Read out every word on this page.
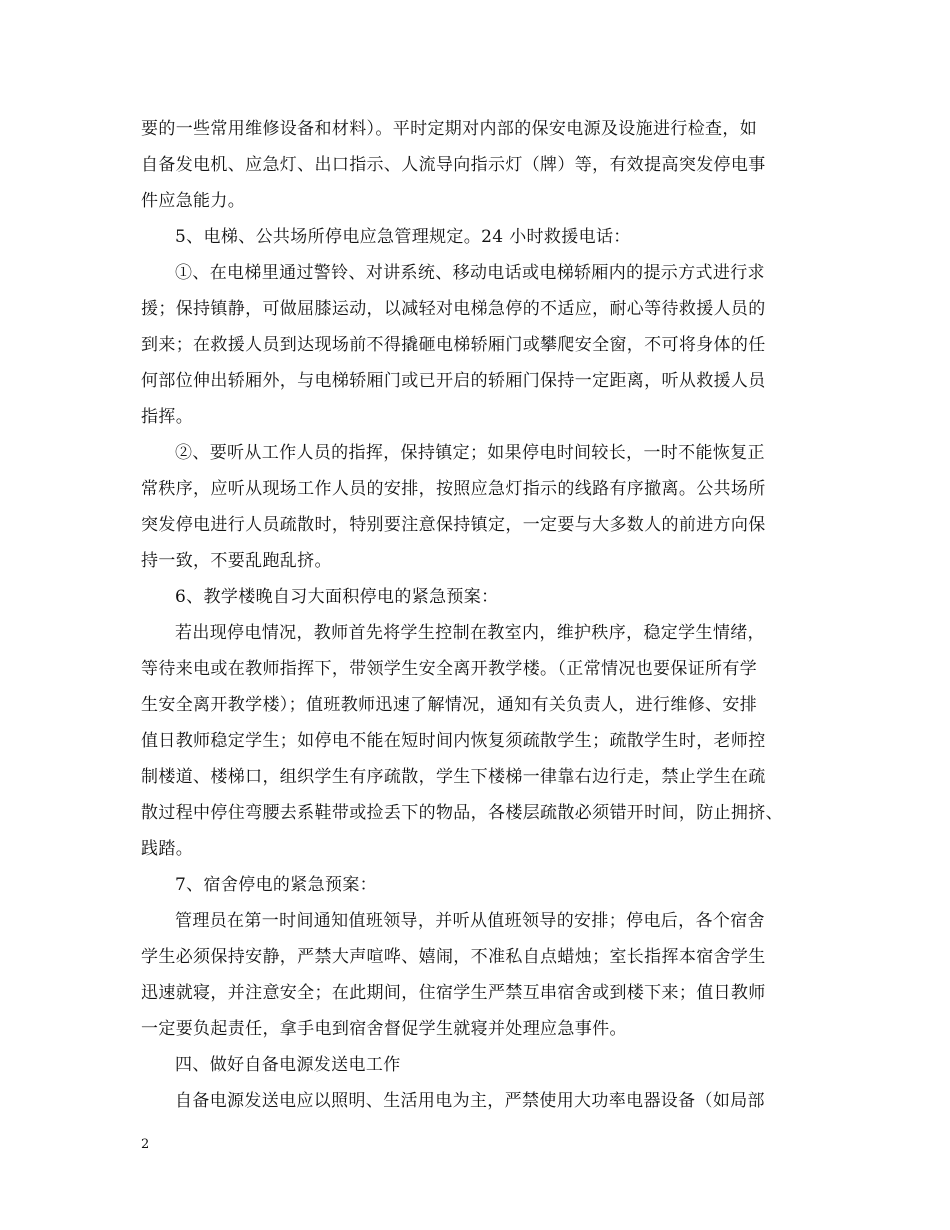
要的一些常用维修设备和材料）。平时定期对内部的保安电源及设施进行检查，如
自备发电机、应急灯、出口指示、人流导向指示灯（牌）等，有效提高突发停电事
件应急能力。
5、电梯、公共场所停电应急管理规定。24 小时救援电话：
①、在电梯里通过警铃、对讲系统、移动电话或电梯轿厢内的提示方式进行求
援；保持镇静，可做屈膝运动，以减轻对电梯急停的不适应，耐心等待救援人员的
到来；在救援人员到达现场前不得撬砸电梯轿厢门或攀爬安全窗，不可将身体的任
何部位伸出轿厢外，与电梯轿厢门或已开启的轿厢门保持一定距离，听从救援人员
指挥。
②、要听从工作人员的指挥，保持镇定；如果停电时间较长，一时不能恢复正
常秩序，应听从现场工作人员的安排，按照应急灯指示的线路有序撤离。公共场所
突发停电进行人员疏散时，特别要注意保持镇定，一定要与大多数人的前进方向保
持一致，不要乱跑乱挤。
6、教学楼晚自习大面积停电的紧急预案：
若出现停电情况，教师首先将学生控制在教室内，维护秩序，稳定学生情绪，
等待来电或在教师指挥下，带领学生安全离开教学楼。（正常情况也要保证所有学
生安全离开教学楼）；值班教师迅速了解情况，通知有关负责人，进行维修、安排
值日教师稳定学生；如停电不能在短时间内恢复须疏散学生；疏散学生时，老师控
制楼道、楼梯口，组织学生有序疏散，学生下楼梯一律靠右边行走，禁止学生在疏
散过程中停住弯腰去系鞋带或捡丢下的物品，各楼层疏散必须错开时间，防止拥挤、
践踏。
7、宿舍停电的紧急预案：
管理员在第一时间通知值班领导，并听从值班领导的安排；停电后，各个宿舍
学生必须保持安静，严禁大声喧哗、嬉闹，不准私自点蜡烛；室长指挥本宿舍学生
迅速就寝，并注意安全；在此期间，住宿学生严禁互串宿舍或到楼下来；值日教师
一定要负起责任，拿手电到宿舍督促学生就寝并处理应急事件。
四、做好自备电源发送电工作
自备电源发送电应以照明、生活用电为主，严禁使用大功率电器设备（如局部
2
